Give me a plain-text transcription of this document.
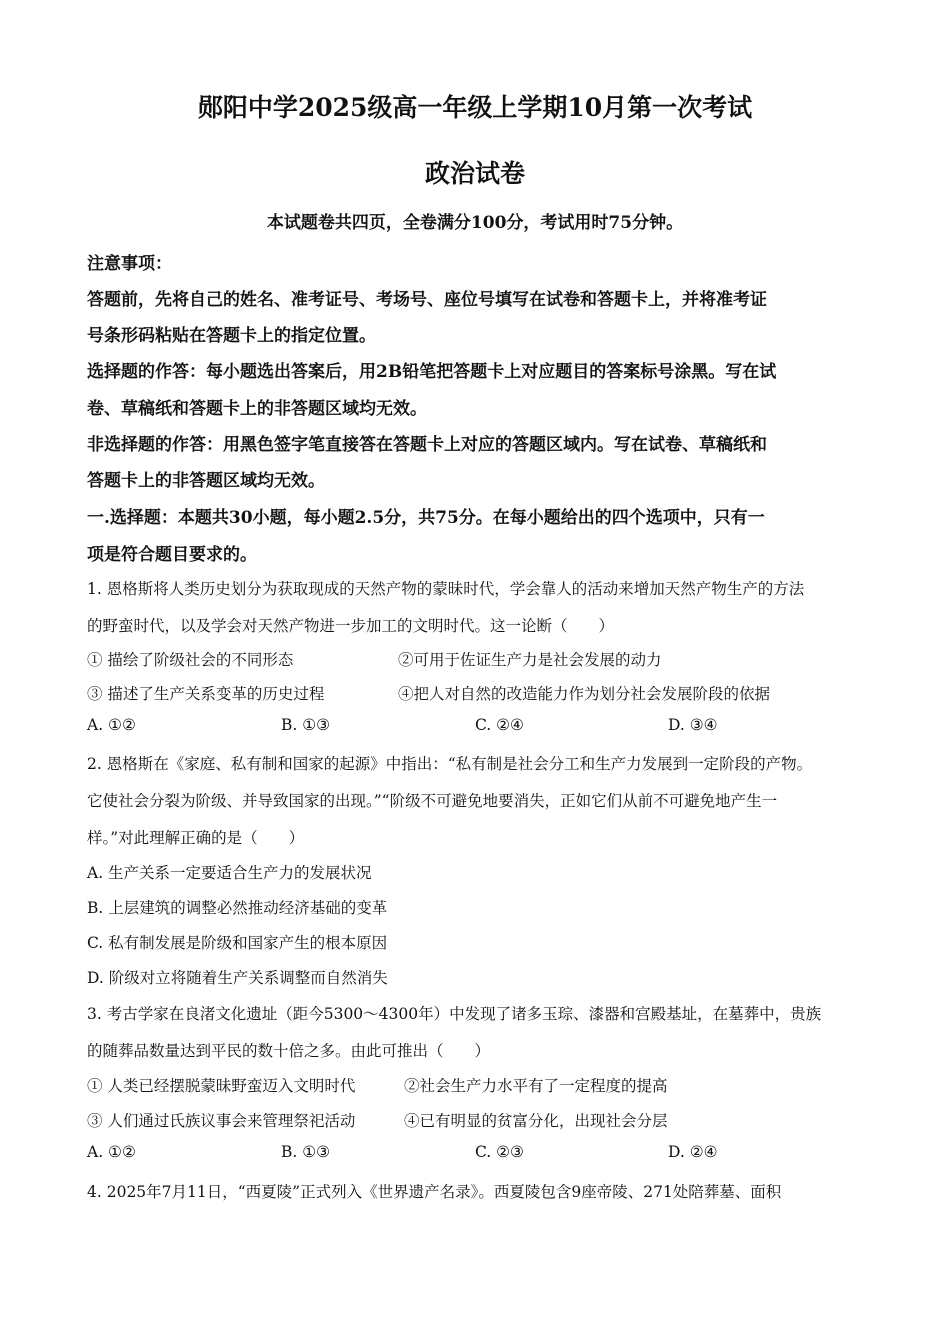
郧阳中学2025级高一年级上学期10月第一次考试
政治试卷
本试题卷共四页，全卷满分100分，考试用时75分钟。
注意事项：
答题前，先将自己的姓名、准考证号、考场号、座位号填写在试卷和答题卡上，并将准考证
号条形码粘贴在答题卡上的指定位置。
选择题的作答：每小题选出答案后，用2B铅笔把答题卡上对应题目的答案标号涂黑。写在试
卷、草稿纸和答题卡上的非答题区域均无效。
非选择题的作答：用黑色签字笔直接答在答题卡上对应的答题区域内。写在试卷、草稿纸和
答题卡上的非答题区域均无效。
一.选择题：本题共30小题，每小题2.5分，共75分。在每小题给出的四个选项中，只有一
项是符合题目要求的。
1. 恩格斯将人类历史划分为获取现成的天然产物的蒙昧时代，学会靠人的活动来增加天然产物生产的方法
的野蛮时代，以及学会对天然产物进一步加工的文明时代。这一论断（　　）
① 描绘了阶级社会的不同形态	②可用于佐证生产力是社会发展的动力
③ 描述了生产关系变革的历史过程	④把人对自然的改造能力作为划分社会发展阶段的依据
A. ①②	B. ①③	C. ②④	D. ③④
2. 恩格斯在《家庭、私有制和国家的起源》中指出：“私有制是社会分工和生产力发展到一定阶段的产物。
它使社会分裂为阶级、并导致国家的出现。”“阶级不可避免地要消失，正如它们从前不可避免地产生一
样。”对此理解正确的是（　　）
A. 生产关系一定要适合生产力的发展状况
B. 上层建筑的调整必然推动经济基础的变革
C. 私有制发展是阶级和国家产生的根本原因
D. 阶级对立将随着生产关系调整而自然消失
3. 考古学家在良渚文化遗址（距今5300～4300年）中发现了诸多玉琮、漆器和宫殿基址，在墓葬中，贵族
的随葬品数量达到平民的数十倍之多。由此可推出（　　）
① 人类已经摆脱蒙昧野蛮迈入文明时代	②社会生产力水平有了一定程度的提高
③ 人们通过氏族议事会来管理祭祀活动	④已有明显的贫富分化，出现社会分层
A. ①②	B. ①③	C. ②③	D. ②④
4. 2025年7月11日，“西夏陵”正式列入《世界遗产名录》。西夏陵包含9座帝陵、271处陪葬墓、面积
